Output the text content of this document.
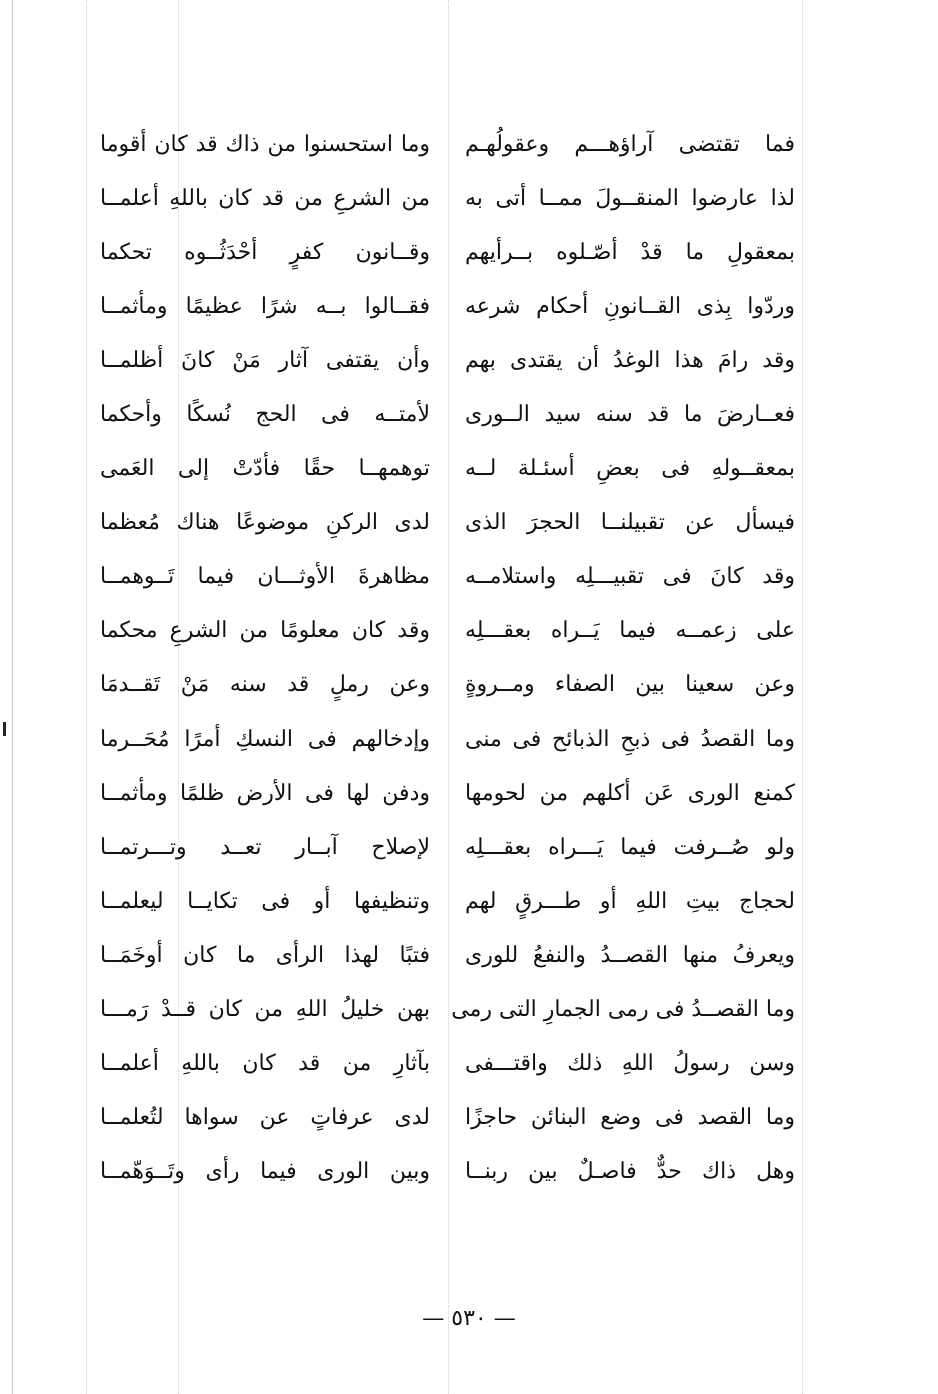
فما تقتضى آراؤهـــم وعقولُهـم
لذا عارضوا المنقــولَ ممــا أتى به
بمعقولِ ما قدْ أصّـلوه بــرأيهم
وردّوا بِذى القــانونِ أحكام شرعه
وقد رامَ هذا الوغدُ أن يقتدى بهم
فعــارضَ ما قد سنه سيد الــورى
بمعقــولهِ فى بعضِ أسئـلة لــه
فيسأل عن تقبيلنــا الحجرَ الذى
وقد كانَ فى تقبيـــلِه واستلامــه
على زعمــه فيما يَــراه بعقـــلِه
وعن سعينا بين الصفاء ومــروةٍ
وما القصدُ فى ذبحِ الذبائح فى منى
كمنع الورى عَن أكلهم من لحومها
ولو صُــرفت فيما يَـــراه بعقـــلِه
لحجاج بيتِ اللهِ أو طـــرقٍ لهم
ويعرفُ منها القصــدُ والنفعُ للورى
وما القصــدُ فى رمى الجمارِ التى رمى
وسن رسولُ اللهِ ذلك واقتـــفى
وما القصد فى وضع البنائن حاجزًا
وهل ذاك حدٌّ فاصـلٌ بين ربنــا
وما استحسنوا من ذاك قد كان أقوما
من الشرعِ من قد كان باللهِ أعلمــا
وقــانون كفرٍ أحْدَثُــوه تحكما
فقــالوا بــه شرًا عظيمًا ومأثمــا
وأن يقتفى آثار مَنْ كانَ أظلمــا
لأمتــه فى الحج نُسكًا وأحكما
توهمهــا حقًا فأدّتْ إلى العَمى
لدى الركنِ موضوعًا هناك مُعظما
مظاهرةَ الأوثـــان فيما تَــوهمــا
وقد كان معلومًا من الشرعِ محكما
وعن رملٍ قد سنه مَنْ تَقــدمَا
وإدخالهم فى النسكِ أمرًا مُحَــرما
ودفن لها فى الأرض ظلمًا ومأثمــا
لإصلاح آبــار تعــد وتـــرتمــا
وتنظيفها أو فى تكايــا ليعلمــا
فتبًا لهذا الرأى ما كان أوخَمَــا
بهن خليلُ اللهِ من كان قــدْ رَمـــا
بآثارِ من قد كان باللهِ أعلمــا
لدى عرفاتٍ عن سواها لتُعلمــا
وبين الورى فيما رأى وتَــوَهّمــا
— ٥٣٠ —
